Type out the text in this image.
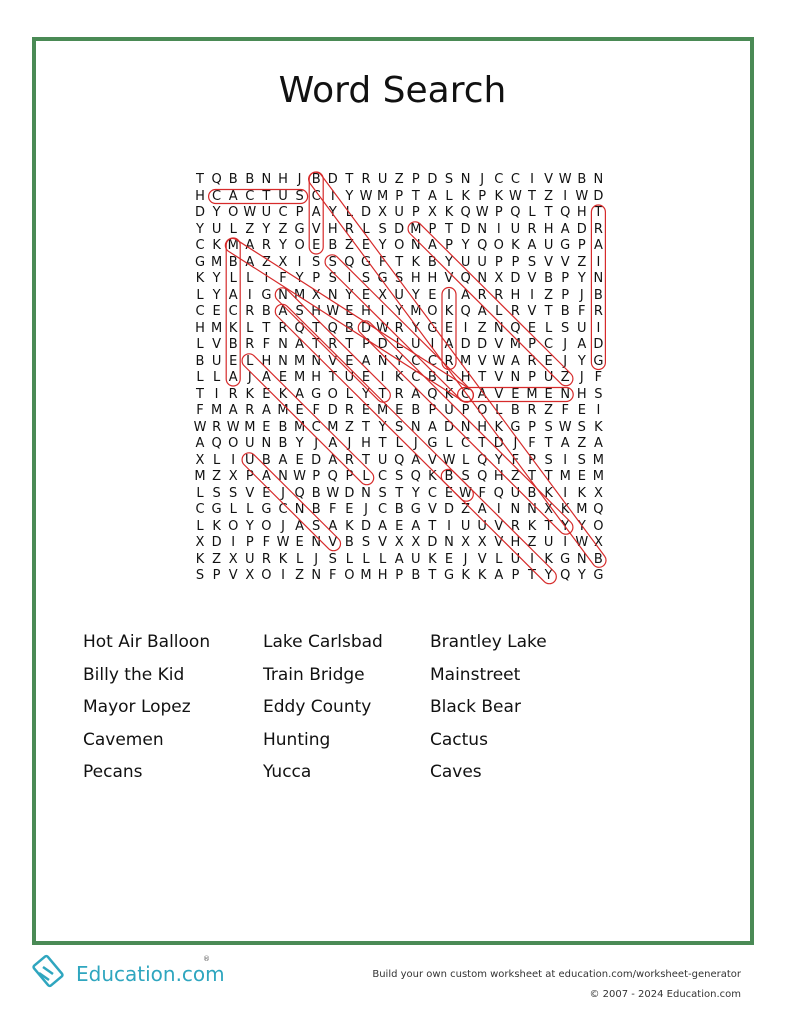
Word Search
T Q B B N H J B D T R U Z P D S N J C C I V W B N
H C A C T U S C I Y W M P T A L K P K W T Z I W D
D Y O W U C P A Y L D X U P X K Q W P Q L T Q H T
Y U L Z Y Z G V H R L S D M P T D N I U R H A D R
C K M A R Y O E B Z E Y O N A P Y Q O K A U G P A
G M B A Z X I S S Q G F T K B Y U U P P S V V Z I
K Y L L I F Y P S I S G S H H V Q N X D V B P Y N
L Y A I G N M X N Y E X U Y E I A R R H I Z P J B
C E C R B A S H W E H I Y M O K Q A L R V T B F R
H M K L T R Q T Q B D W R Y G E I Z N Q E L S U I
L V B R F N A T R T P D L U I A D D V M P C J A D
B U E L H N M N V E A N Y C C R M V W A R E J Y G
L L A J A E M H T U E I K C B L H T V N P U Z J F
T I R K E K A G O L Y T R A Q K C A V E M E N H S
F M A R A M E F D R E M E B P U P O L B R Z F E I
W R W M E B M C M Z T Y S N A D N H K G P S W S K
A Q O U N B Y J A J H T L J G L C T D J F T A Z A
X L I U B A E D A R T U Q A V W L Q Y F P S I S M
M Z X P A N W P Q P L C S Q K B S Q H Z T T M E M
L S S V E J Q B W D N S T Y C E W F Q U B K I K X
C G L L G C N B F E J C B G V D Z A I N N X K M Q
L K O Y O J A S A K D A E A T I U U V R K T Y Y O
X D I P F W E N V B S V X X D N X X V H Z U I W X
K Z X U R K L J S L L L A U K E J V L U I K G N B
S P V X O I Z N F O M H P B T G K K A P T Y Q Y G
Hot Air Balloon
Billy the Kid
Mayor Lopez
Cavemen
Pecans
Lake Carlsbad
Train Bridge
Eddy County
Hunting
Yucca
Brantley Lake
Mainstreet
Black Bear
Cactus
Caves
Education.com
®
Build your own custom worksheet at education.com/worksheet-generator
© 2007 - 2024 Education.com
